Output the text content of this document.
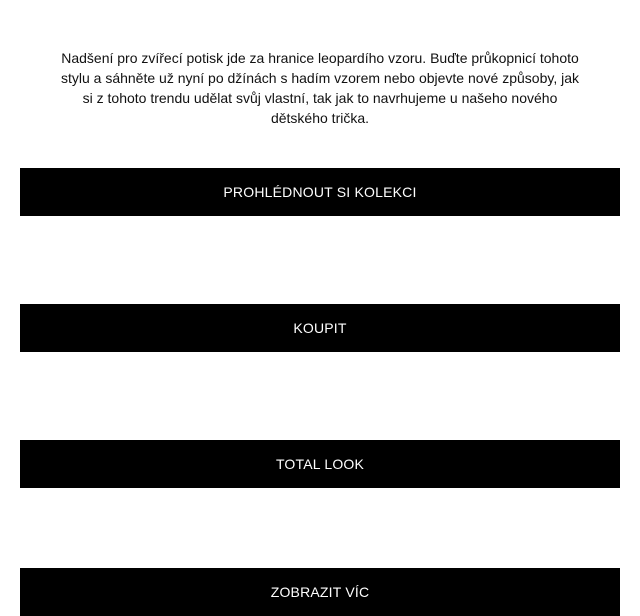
Nadšení pro zvířecí potisk jde za hranice leopardího vzoru. Buďte průkopnicí tohoto stylu a sáhněte už nyní po džínách s hadím vzorem nebo objevte nové způsoby, jak si z tohoto trendu udělat svůj vlastní, tak jak to navrhujeme u našeho nového dětského trička.

PROHLÉDNOUT SI KOLEKCI
KOUPIT
TOTAL LOOK
ZOBRAZIT VÍC
